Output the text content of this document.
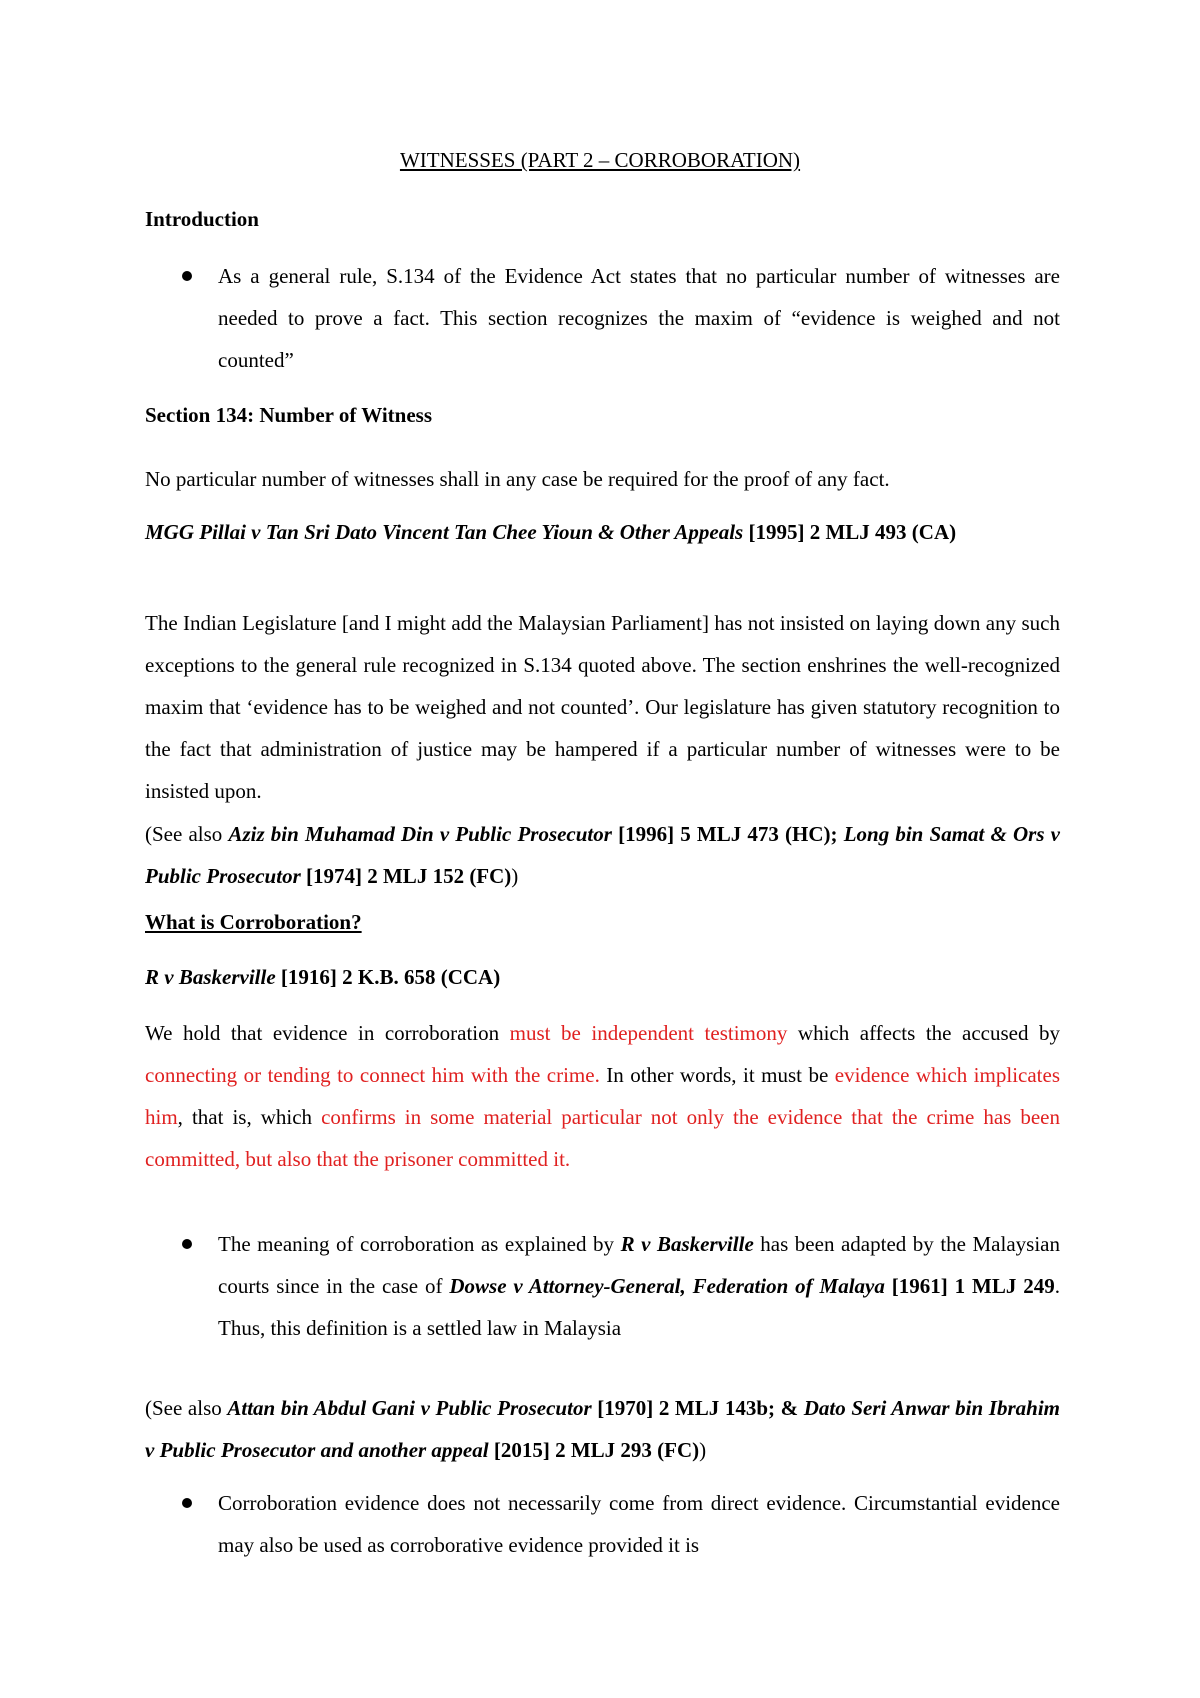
WITNESSES (PART 2 – CORROBORATION)
Introduction

As a general rule, S.134 of the Evidence Act states that no particular number of witnesses are needed to prove a fact. This section recognizes the maxim of “evidence is weighed and not counted”

Section 134: Number of Witness

No particular number of witnesses shall in any case be required for the proof of any fact.

MGG Pillai v Tan Sri Dato Vincent Tan Chee Yioun & Other Appeals [1995] 2 MLJ 493 (CA)

The Indian Legislature [and I might add the Malaysian Parliament] has not insisted on laying down any such exceptions to the general rule recognized in S.134 quoted above. The section enshrines the well-recognized maxim that ‘evidence has to be weighed and not counted’. Our legislature has given statutory recognition to the fact that administration of justice may be hampered if a particular number of witnesses were to be insisted upon.

(See also Aziz bin Muhamad Din v Public Prosecutor [1996] 5 MLJ 473 (HC); Long bin Samat & Ors v Public Prosecutor [1974] 2 MLJ 152 (FC))

What is Corroboration?

R v Baskerville [1916] 2 K.B. 658 (CCA)

We hold that evidence in corroboration must be independent testimony which affects the accused by connecting or tending to connect him with the crime. In other words, it must be evidence which implicates him, that is, which confirms in some material particular not only the evidence that the crime has been committed, but also that the prisoner committed it.

The meaning of corroboration as explained by R v Baskerville has been adapted by the Malaysian courts since in the case of Dowse v Attorney-General, Federation of Malaya [1961] 1 MLJ 249. Thus, this definition is a settled law in Malaysia

(See also Attan bin Abdul Gani v Public Prosecutor [1970] 2 MLJ 143b; & Dato Seri Anwar bin Ibrahim v Public Prosecutor and another appeal [2015] 2 MLJ 293 (FC))

Corroboration evidence does not necessarily come from direct evidence. Circumstantial evidence may also be used as corroborative evidence provided it is
